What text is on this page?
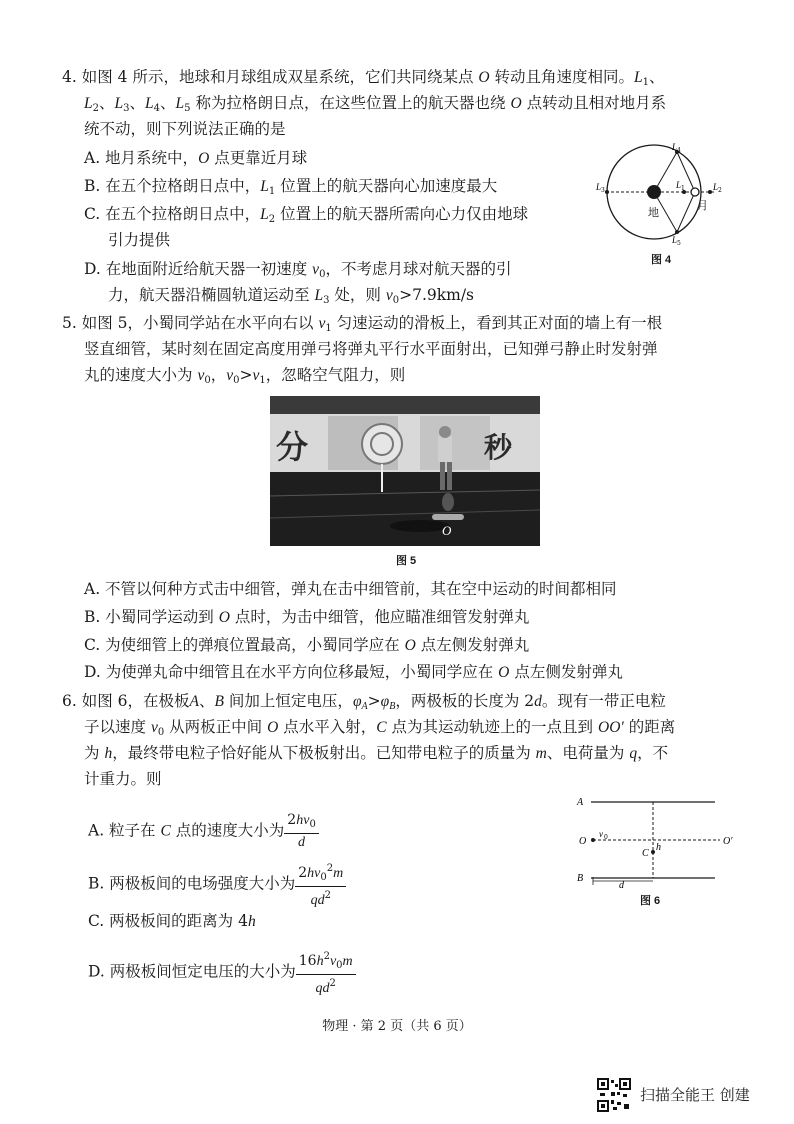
4. 如图 4 所示，地球和月球组成双星系统，它们共同绕某点 O 转动且角速度相同。$L_1$、
$L_2$、$L_3$、$L_4$、$L_5$ 称为拉格朗日点，在这些位置上的航天器也绕 O 点转动且相对地月系
统不动，则下列说法正确的是
A. 地月系统中，O 点更靠近月球
B. 在五个拉格朗日点中，$L_1$ 位置上的航天器向心加速度最大
C. 在五个拉格朗日点中，$L_2$ 位置上的航天器所需向心力仅由地球
引力提供
D. 在地面附近给航天器一初速度 $v_0$，不考虑月球对航天器的引
力，航天器沿椭圆轨道运动至 $L_3$ 处，则 $v_0>7.9km/s$
L 4
L 5
L 3
L 1	L 2
地
月
图 4
5. 如图 5，小蜀同学站在水平向右以 $v_1$ 匀速运动的滑板上，看到其正对面的墙上有一根
竖直细管，某时刻在固定高度用弹弓将弹丸平行水平面射出，已知弹弓静止时发射弹
丸的速度大小为 $v_0$，$v_0>v_1$，忽略空气阻力，则
分	秒
O
图 5
A. 不管以何种方式击中细管，弹丸在击中细管前，其在空中运动的时间都相同
B. 小蜀同学运动到 O 点时，为击中细管，他应瞄准细管发射弹丸
C. 为使细管上的弹痕位置最高，小蜀同学应在 O 点左侧发射弹丸
D. 为使弹丸命中细管且在水平方向位移最短，小蜀同学应在 O 点左侧发射弹丸
6. 如图 6，在极板A、B 间加上恒定电压，$\varphi_A>\varphi_B$，两极板的长度为 2d。现有一带正电粒
子以速度 $v_0$ 从两板正中间 O 点水平入射，C 点为其运动轨迹上的一点且到 OO′ 的距离
为 h，最终带电粒子恰好能从下极板射出。已知带电粒子的质量为 m、电荷量为 q，不
计重力。则
A. 粒子在 C 点的速度大小为 $\frac{2hv_0}{d}$
B. 两极板间的电场强度大小为 $\frac{2hv_0^2m}{qd^2}$
C. 两极板间的距离为 4h
D. 两极板间恒定电压的大小为 $\frac{16h^2v_0m}{qd^2}$
A
B
O	O′
v 0
C
h
d
图 6
物理 · 第 2 页（共 6 页）
扫描全能王 创建
